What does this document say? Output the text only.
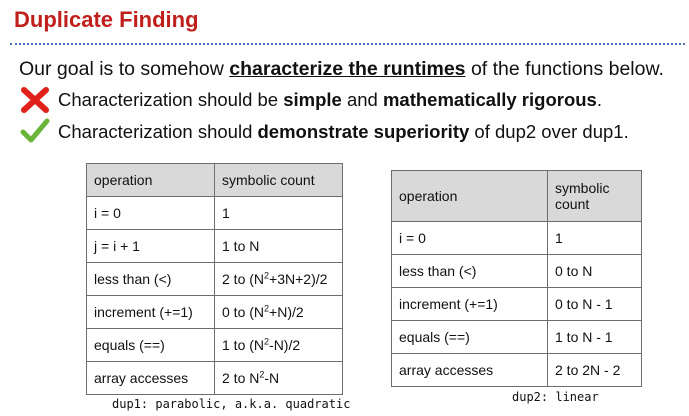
Duplicate Finding
Our goal is to somehow characterize the runtimes of the functions below.
Characterization should be simple and mathematically rigorous.
Characterization should demonstrate superiority of dup2 over dup1.
operation	symbolic count
i = 0	1
j = i + 1	1 to N
less than (<)	2 to $(N^2+3N+2)/2$
increment (+=1)	0 to $(N^2+N)/2$
equals (==)	1 to $(N^2-N)/2$
array accesses	2 to $N^2-N$
dup1: parabolic, a.k.a. quadratic
operation	symbolic count
i = 0	1
less than (<)	0 to N
increment (+=1)	0 to N - 1
equals (==)	1 to N - 1
array accesses	2 to 2N - 2
dup2: linear
